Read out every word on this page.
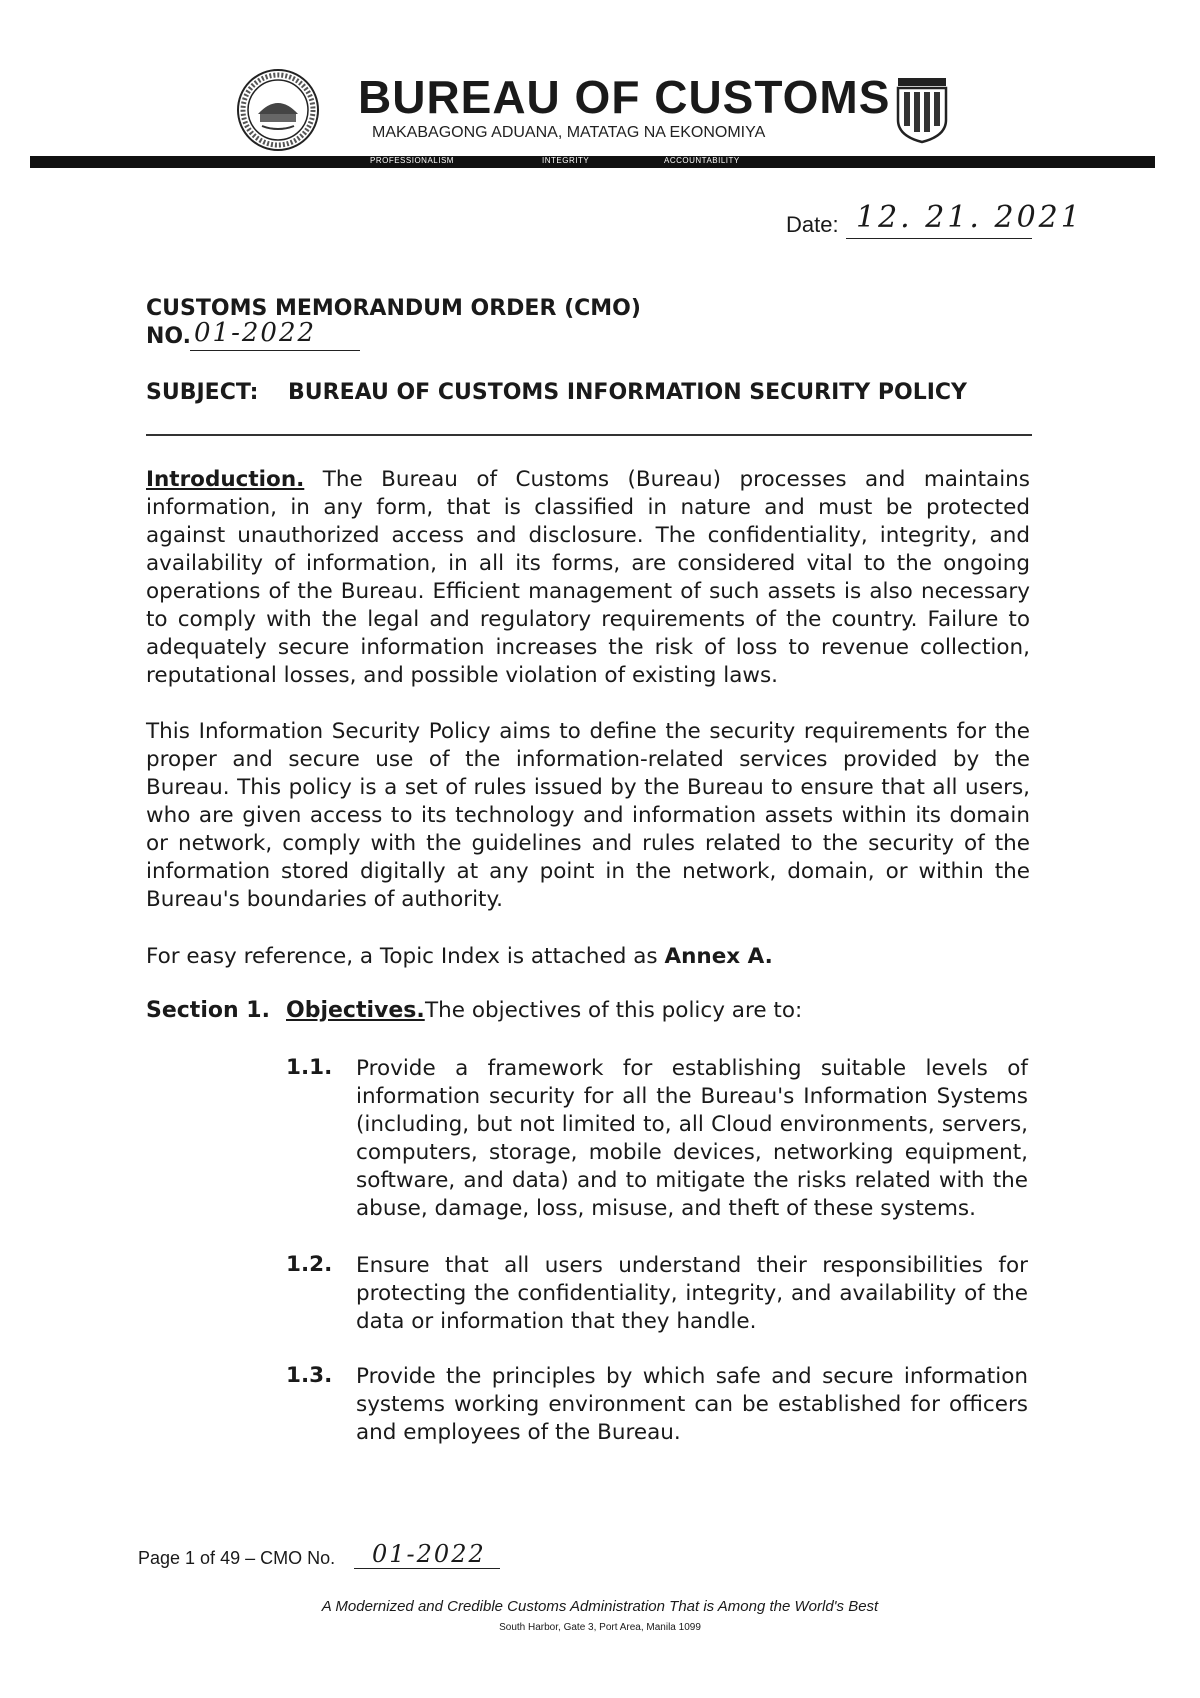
BUREAU OF CUSTOMS
MAKABAGONG ADUANA, MATATAG NA EKONOMIYA
PROFESSIONALISM	INTEGRITY	ACCOUNTABILITY
Date: 12. 21. 2021
CUSTOMS MEMORANDUM ORDER (CMO)
NO. 01-2022
SUBJECT: BUREAU OF CUSTOMS INFORMATION SECURITY POLICY
Introduction. The Bureau of Customs (Bureau) processes and maintains information, in any form, that is classified in nature and must be protected against unauthorized access and disclosure. The confidentiality, integrity, and availability of information, in all its forms, are considered vital to the ongoing operations of the Bureau. Efficient management of such assets is also necessary to comply with the legal and regulatory requirements of the country. Failure to adequately secure information increases the risk of loss to revenue collection, reputational losses, and possible violation of existing laws.
This Information Security Policy aims to define the security requirements for the proper and secure use of the information-related services provided by the Bureau. This policy is a set of rules issued by the Bureau to ensure that all users, who are given access to its technology and information assets within its domain or network, comply with the guidelines and rules related to the security of the information stored digitally at any point in the network, domain, or within the Bureau's boundaries of authority.
For easy reference, a Topic Index is attached as Annex A.
Section 1. Objectives. The objectives of this policy are to:
1.1. Provide a framework for establishing suitable levels of information security for all the Bureau's Information Systems (including, but not limited to, all Cloud environments, servers, computers, storage, mobile devices, networking equipment, software, and data) and to mitigate the risks related with the abuse, damage, loss, misuse, and theft of these systems.
1.2. Ensure that all users understand their responsibilities for protecting the confidentiality, integrity, and availability of the data or information that they handle.
1.3. Provide the principles by which safe and secure information systems working environment can be established for officers and employees of the Bureau.
Page 1 of 49 – CMO No. 01-2022
A Modernized and Credible Customs Administration That is Among the World's Best
South Harbor, Gate 3, Port Area, Manila 1099
